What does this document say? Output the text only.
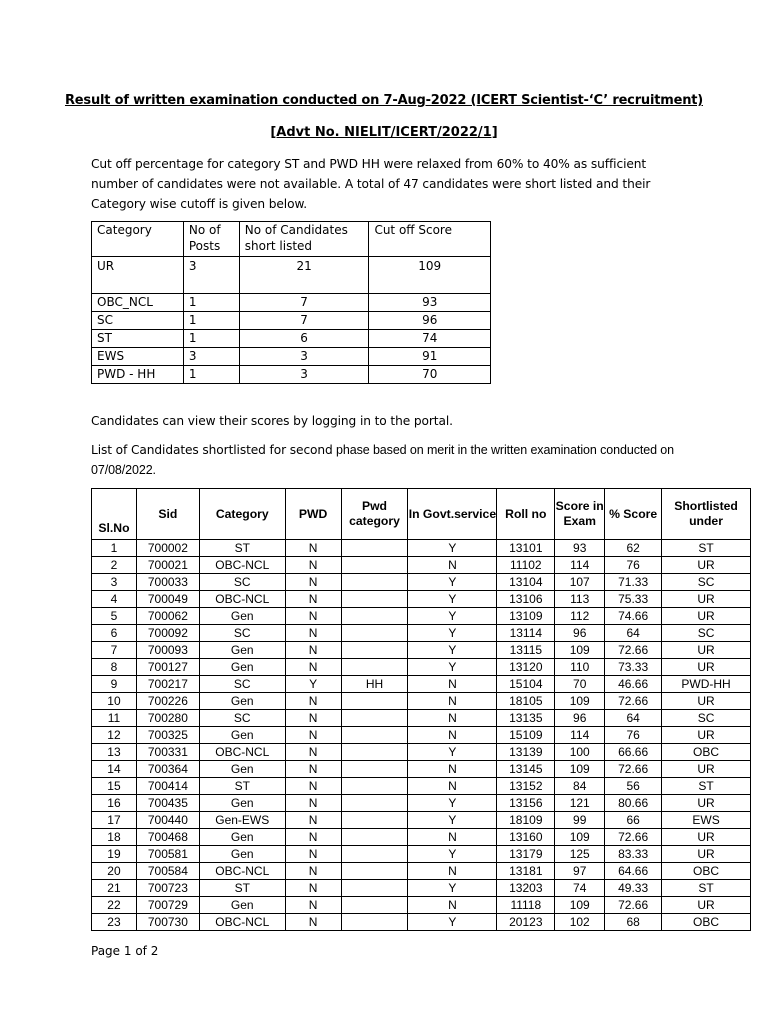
Result of written examination conducted on 7-Aug-2022 (ICERT Scientist-‘C’ recruitment)
[Advt No. NIELIT/ICERT/2022/1]
Cut off percentage for category ST and PWD HH were relaxed from 60% to 40% as sufficient number of candidates were not available. A total of 47 candidates were short listed and their Category wise cutoff is given below.
Category	No of Posts	No of Candidates short listed	Cut off Score
UR	3	21	109
OBC_NCL	1	7	93
SC	1	7	96
ST	1	6	74
EWS	3	3	91
PWD - HH	1	3	70
Candidates can view their scores by logging in to the portal.
List of Candidates shortlisted for second phase based on merit in the written examination conducted on 07/08/2022.
Sl.No	Sid	Category	PWD	Pwd category	In Govt.service	Roll no	Score in Exam	% Score	Shortlisted under
1	700002	ST	N		Y	13101	93	62	ST
2	700021	OBC-NCL	N		N	11102	114	76	UR
3	700033	SC	N		Y	13104	107	71.33	SC
4	700049	OBC-NCL	N		Y	13106	113	75.33	UR
5	700062	Gen	N		Y	13109	112	74.66	UR
6	700092	SC	N		Y	13114	96	64	SC
7	700093	Gen	N		Y	13115	109	72.66	UR
8	700127	Gen	N		Y	13120	110	73.33	UR
9	700217	SC	Y	HH	N	15104	70	46.66	PWD-HH
10	700226	Gen	N		N	18105	109	72.66	UR
11	700280	SC	N		N	13135	96	64	SC
12	700325	Gen	N		N	15109	114	76	UR
13	700331	OBC-NCL	N		Y	13139	100	66.66	OBC
14	700364	Gen	N		N	13145	109	72.66	UR
15	700414	ST	N		N	13152	84	56	ST
16	700435	Gen	N		Y	13156	121	80.66	UR
17	700440	Gen-EWS	N		Y	18109	99	66	EWS
18	700468	Gen	N		N	13160	109	72.66	UR
19	700581	Gen	N		Y	13179	125	83.33	UR
20	700584	OBC-NCL	N		N	13181	97	64.66	OBC
21	700723	ST	N		Y	13203	74	49.33	ST
22	700729	Gen	N		N	11118	109	72.66	UR
23	700730	OBC-NCL	N		Y	20123	102	68	OBC
Page 1 of 2
